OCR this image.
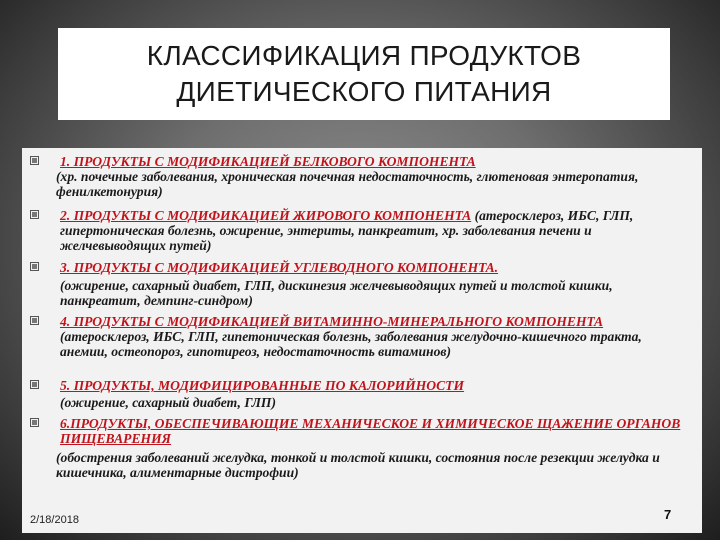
КЛАССИФИКАЦИЯ ПРОДУКТОВ
ДИЕТИЧЕСКОГО ПИТАНИЯ
1. ПРОДУКТЫ С МОДИФИКАЦИЕЙ БЕЛКОВОГО КОМПОНЕНТА
(хр. почечные заболевания, хроническая почечная недостаточность, глютеновая энтеропатия, фенилкетонурия)
2. ПРОДУКТЫ С МОДИФИКАЦИЕЙ ЖИРОВОГО КОМПОНЕНТА (атеросклероз, ИБС, ГЛП, гипертоническая болезнь, ожирение, энтериты, панкреатит, хр. заболевания печени и желчевыводящих путей)
3. ПРОДУКТЫ С МОДИФИКАЦИЕЙ УГЛЕВОДНОГО КОМПОНЕНТА.
(ожирение, сахарный диабет, ГЛП, дискинезия желчевыводящих путей и толстой кишки, панкреатит, демпинг-синдром)
4. ПРОДУКТЫ С МОДИФИКАЦИЕЙ ВИТАМИННО-МИНЕРАЛЬНОГО КОМПОНЕНТА (атеросклероз, ИБС, ГЛП, гипетоническая болезнь, заболевания желудочно-кишечного тракта, анемии, остеопороз, гипотиреоз, недостаточность витаминов)
5. ПРОДУКТЫ, МОДИФИЦИРОВАННЫЕ ПО КАЛОРИЙНОСТИ
(ожирение, сахарный диабет, ГЛП)
6.ПРОДУКТЫ, ОБЕСПЕЧИВАЮЩИЕ МЕХАНИЧЕСКОЕ И ХИМИЧЕСКОЕ ЩАЖЕНИЕ ОРГАНОВ ПИЩЕВАРЕНИЯ
(обострения заболеваний желудка, тонкой и толстой кишки, состояния после резекции желудка и кишечника, алиментарные дистрофии)
2/18/2018	7
